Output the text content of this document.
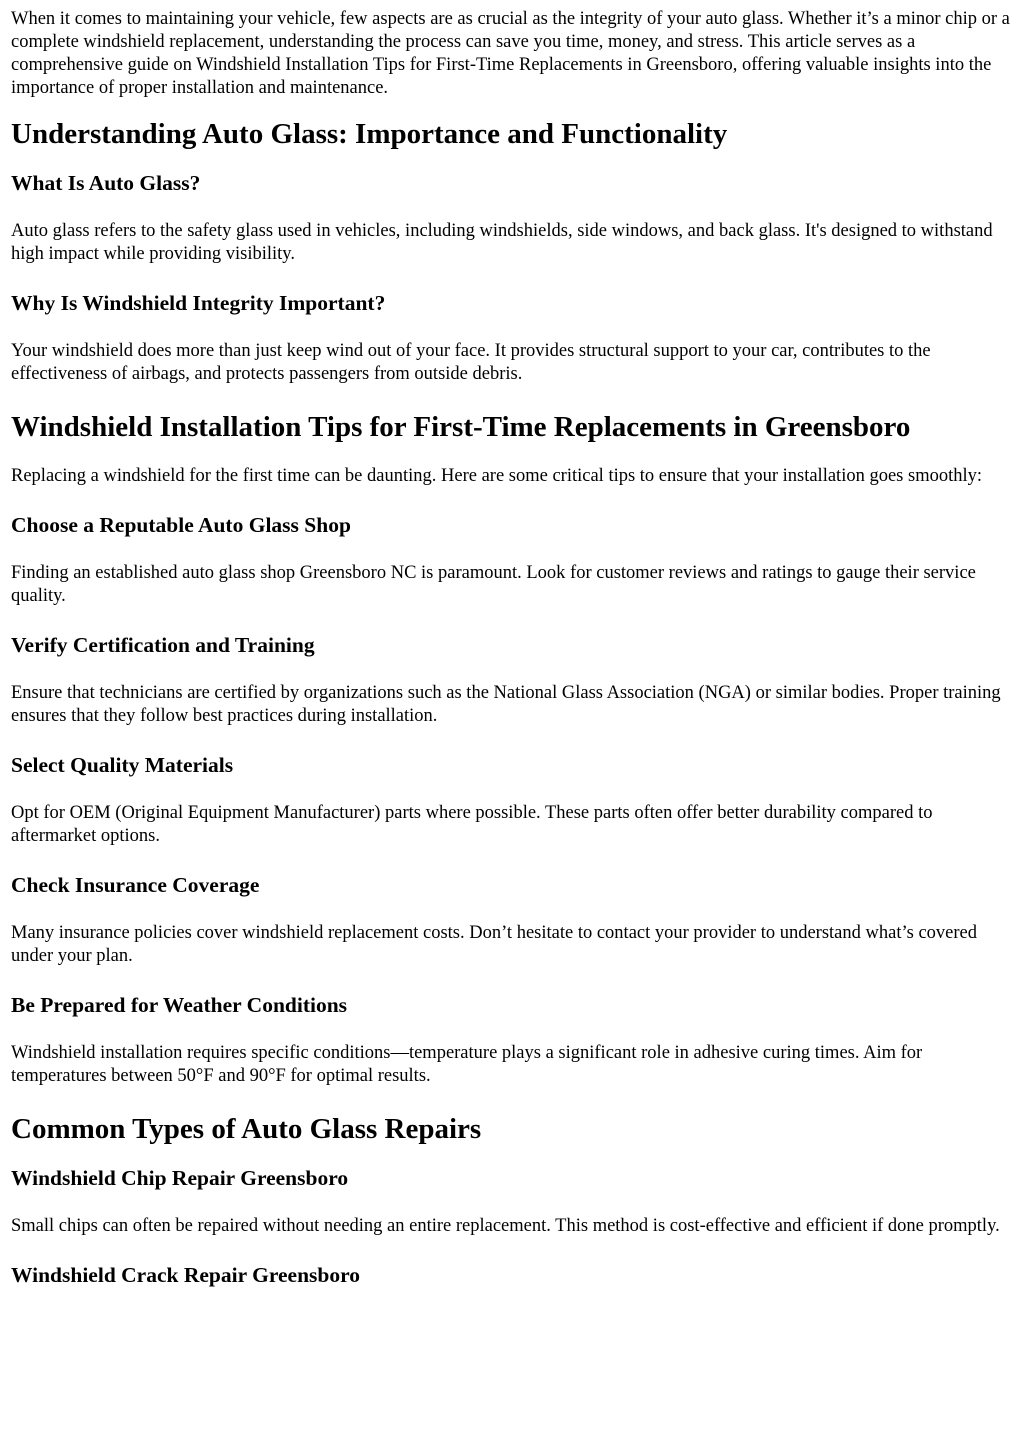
When it comes to maintaining your vehicle, few aspects are as crucial as the integrity of your auto glass. Whether it’s a minor chip or a complete windshield replacement, understanding the process can save you time, money, and stress. This article serves as a comprehensive guide on Windshield Installation Tips for First-Time Replacements in Greensboro, offering valuable insights into the importance of proper installation and maintenance.

Understanding Auto Glass: Importance and Functionality
What Is Auto Glass?

Auto glass refers to the safety glass used in vehicles, including windshields, side windows, and back glass. It's designed to withstand high impact while providing visibility.

Why Is Windshield Integrity Important?

Your windshield does more than just keep wind out of your face. It provides structural support to your car, contributes to the effectiveness of airbags, and protects passengers from outside debris.

Windshield Installation Tips for First-Time Replacements in Greensboro

Replacing a windshield for the first time can be daunting. Here are some critical tips to ensure that your installation goes smoothly:

Choose a Reputable Auto Glass Shop

Finding an established auto glass shop Greensboro NC is paramount. Look for customer reviews and ratings to gauge their service quality.

Verify Certification and Training

Ensure that technicians are certified by organizations such as the National Glass Association (NGA) or similar bodies. Proper training ensures that they follow best practices during installation.

Select Quality Materials

Opt for OEM (Original Equipment Manufacturer) parts where possible. These parts often offer better durability compared to aftermarket options.

Check Insurance Coverage

Many insurance policies cover windshield replacement costs. Don’t hesitate to contact your provider to understand what’s covered under your plan.

Be Prepared for Weather Conditions

Windshield installation requires specific conditions—temperature plays a significant role in adhesive curing times. Aim for temperatures between 50°F and 90°F for optimal results.

Common Types of Auto Glass Repairs
Windshield Chip Repair Greensboro

Small chips can often be repaired without needing an entire replacement. This method is cost-effective and efficient if done promptly.

Windshield Crack Repair Greensboro
